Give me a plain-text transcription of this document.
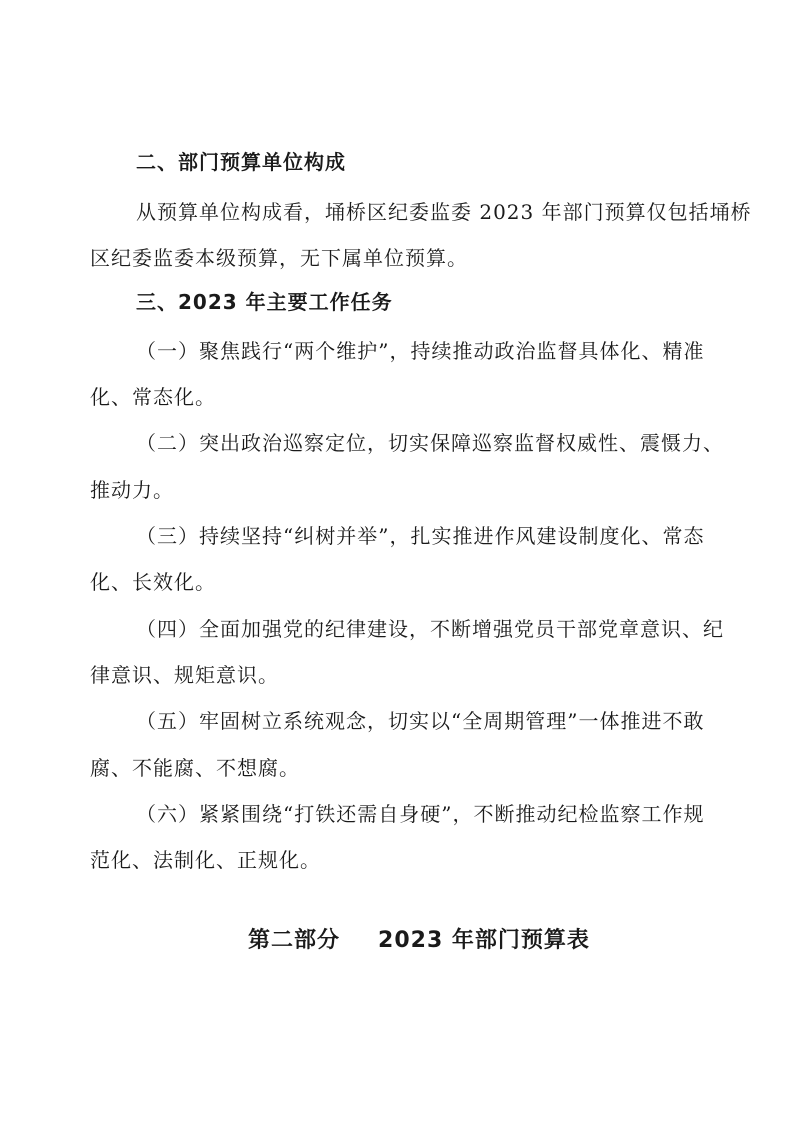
二、部门预算单位构成
从预算单位构成看，埇桥区纪委监委 2023 年部门预算仅包括埇桥
区纪委监委本级预算，无下属单位预算。
三、2023 年主要工作任务
（一）聚焦践行“两个维护”，持续推动政治监督具体化、精准
化、常态化。
（二）突出政治巡察定位，切实保障巡察监督权威性、震慑力、
推动力。
（三）持续坚持“纠树并举”，扎实推进作风建设制度化、常态
化、长效化。
（四）全面加强党的纪律建设，不断增强党员干部党章意识、纪
律意识、规矩意识。
（五）牢固树立系统观念，切实以“全周期管理”一体推进不敢
腐、不能腐、不想腐。
（六）紧紧围绕“打铁还需自身硬”，不断推动纪检监察工作规
范化、法制化、正规化。
第二部分 2023 年部门预算表
